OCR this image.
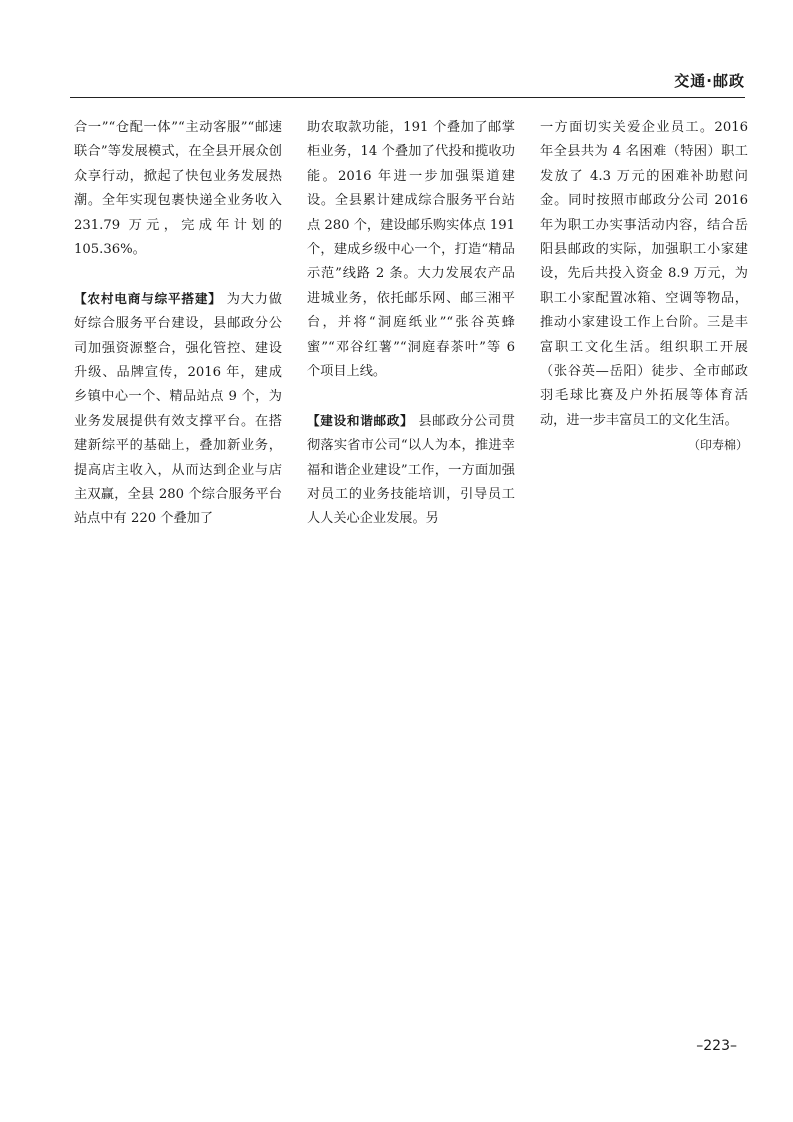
交通·邮政

合一”“仓配一体”“主动客服”“邮速联合”等发展模式，在全县开展众创众享行动，掀起了快包业务发展热潮。全年实现包裹快递全业务收入 231.79 万元，完成年计划的 105.36%。

【农村电商与综平搭建】 为大力做好综合服务平台建设，县邮政分公司加强资源整合，强化管控、建设升级、品牌宣传，2016 年，建成乡镇中心一个、精品站点 9 个，为业务发展提供有效支撑平台。在搭建新综平的基础上，叠加新业务，提高店主收入，从而达到企业与店主双赢，全县 280 个综合服务平台站点中有 220 个叠加了

助农取款功能，191 个叠加了邮掌柜业务，14 个叠加了代投和揽收功能。2016 年进一步加强渠道建设。全县累计建成综合服务平台站点 280 个，建设邮乐购实体点 191 个，建成乡级中心一个，打造“精品示范”线路 2 条。大力发展农产品进城业务，依托邮乐网、邮三湘平台，并将“洞庭纸业”“张谷英蜂蜜”“邓谷红薯”“洞庭春茶叶”等 6 个项目上线。

【建设和谐邮政】 县邮政分公司贯彻落实省市公司“以人为本，推进幸福和谐企业建设”工作，一方面加强对员工的业务技能培训，引导员工人人关心企业发展。另

一方面切实关爱企业员工。2016 年全县共为 4 名困难（特困）职工发放了 4.3 万元的困难补助慰问金。同时按照市邮政分公司 2016 年为职工办实事活动内容，结合岳阳县邮政的实际，加强职工小家建设，先后共投入资金 8.9 万元，为职工小家配置冰箱、空调等物品，推动小家建设工作上台阶。三是丰富职工文化生活。组织职工开展（张谷英—岳阳）徒步、全市邮政羽毛球比赛及户外拓展等体育活动，进一步丰富员工的文化生活。

（印寿棉）

–223–
